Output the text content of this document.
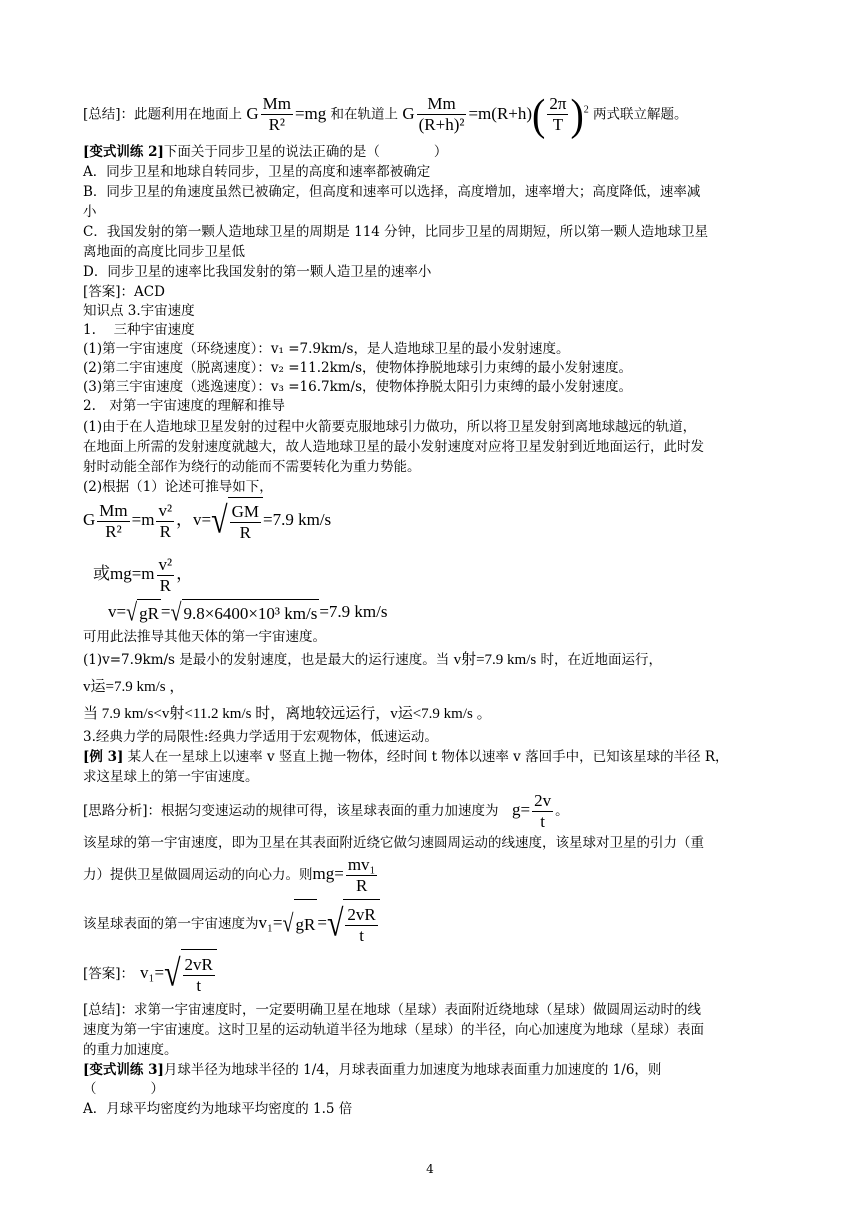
[总结]：此题利用在地面上 G $\frac{Mm}{\text{R²}} =mg$ 和在轨道上 G $\frac{Mm}{\text{(R+h)²}} =m(R+h)( \frac{2\pi}{T} )^2$ 两式联立解题。
[变式训练 2]下面关于同步卫星的说法正确的是（　　　　）
A．同步卫星和地球自转同步，卫星的高度和速率都被确定
B．同步卫星的角速度虽然已被确定，但高度和速率可以选择，高度增加，速率增大；高度降低，速率减
小
C．我国发射的第一颗人造地球卫星的周期是 114 分钟，比同步卫星的周期短，所以第一颗人造地球卫星
离地面的高度比同步卫星低
D．同步卫星的速率比我国发射的第一颗人造卫星的速率小
[答案]：ACD
知识点 3.宇宙速度
1.　 三种宇宙速度
(1)第一宇宙速度（环绕速度）：v₁ =7.9km/s，是人造地球卫星的最小发射速度。
(2)第二宇宙速度（脱离速度）：v₂ =11.2km/s，使物体挣脱地球引力束缚的最小发射速度。
(3)第三宇宙速度（逃逸速度）：v₃ =16.7km/s，使物体挣脱太阳引力束缚的最小发射速度。
2.　对第一宇宙速度的理解和推导
(1)由于在人造地球卫星发射的过程中火箭要克服地球引力做功，所以将卫星发射到离地球越远的轨道，
在地面上所需的发射速度就越大，故人造地球卫星的最小发射速度对应将卫星发射到近地面运行，此时发
射时动能全部作为绕行的动能而不需要转化为重力势能。
(2)根据（1）论述可推导如下，
G $\frac{Mm}{\text{R²}} =m \frac{\text{v²}}{R}$ ，$v=√ \frac{GM}{R} =7.9$ km/s
或$mg=m \frac{\text{v²}}{R}$ ，
v=√ gR =√ 9.8×6400×10³ km/s =7.9 km/s
可用此法推导其他天体的第一宇宙速度。
(1)v=7.9km/s 是最小的发射速度，也是最大的运行速度。当 v射=7.9 km/s 时，在近地面运行，
v运=7.9 km/s ，
当 7.9 km/s<v射<11.2 km/s 时，离地较远运行，v运<7.9 km/s 。
3.经典力学的局限性:经典力学适用于宏观物体，低速运动。
[例 3] 某人在一星球上以速率 v 竖直上抛一物体，经时间 t 物体以速率 v 落回手中，已知该星球的半径 R，
求这星球上的第一宇宙速度。
[思路分析]：根据匀变速运动的规律可得，该星球表面的重力加速度为　$g= \frac{2v}{t}$ 。
该星球的第一宇宙速度，即为卫星在其表面附近绕它做匀速圆周运动的线速度，该星球对卫星的引力（重
力）提供卫星做圆周运动的向心力。则$mg= \frac{\text{mv₁}}{R}$
该星球表面的第一宇宙速度为v₁=√ gR =√ $\frac{2vR}{t}$
[答案]： $v_1=√ \frac{2vR}{t}$
[总结]：求第一宇宙速度时，一定要明确卫星在地球（星球）表面附近绕地球（星球）做圆周运动时的线
速度为第一宇宙速度。这时卫星的运动轨道半径为地球（星球）的半径，向心加速度为地球（星球）表面
的重力加速度。
[变式训练 3]月球半径为地球半径的 1/4，月球表面重力加速度为地球表面重力加速度的 1/6，则
（　　　　）
A．月球平均密度约为地球平均密度的 1.5 倍
4
